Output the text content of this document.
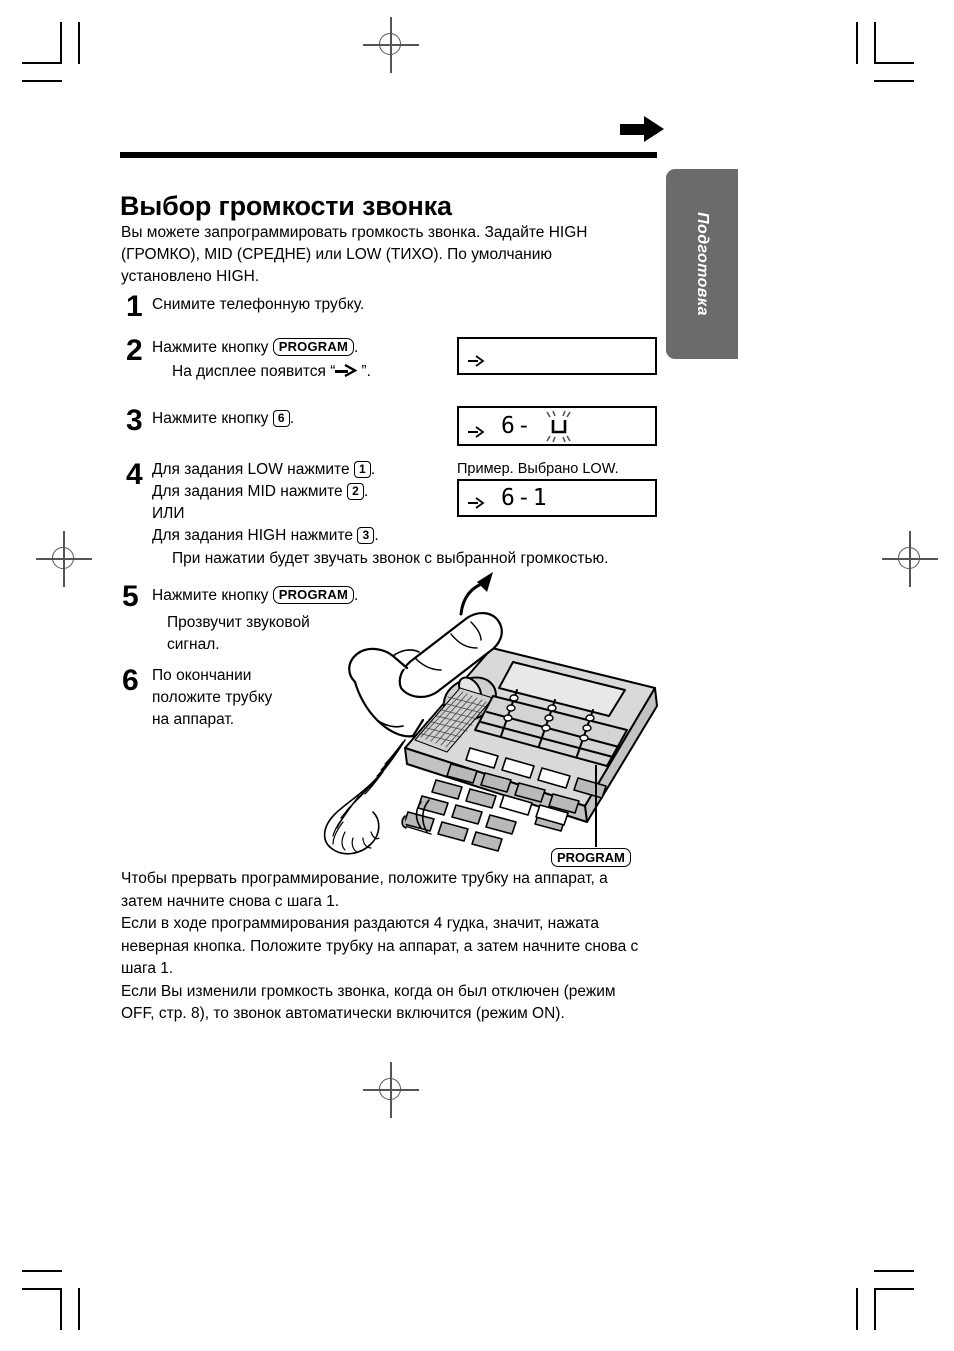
Подготовка
Выбор громкости звонка
Вы можете запрограммировать громкость звонка. Задайте HIGH (ГРОМКО), MID (СРЕДНЕ) или LOW (ТИХО). По умолчанию установлено HIGH.
1 Снимите телефонную трубку.
2 Нажмите кнопку PROGRAM .
На дисплее появится “ ”.
3 Нажмите кнопку 6 .
4 Для задания LOW нажмите 1 .
Для задания MID нажмите 2 .
ИЛИ
Для задания HIGH нажмите 3 .
При нажатии будет звучать звонок с выбранной громкостью.
5 Нажмите кнопку PROGRAM .
Прозвучит звуковой сигнал.
6 По окончании положите трубку на аппарат.
6-
Пример. Выбрано LOW.
6-1
PROGRAM

Чтобы прервать программирование, положите трубку на аппарат, а затем начните снова с шага 1.

Если в ходе программирования раздаются 4 гудка, значит, нажата неверная кнопка. Положите трубку на аппарат, а затем начните снова с шага 1.

Если Вы изменили громкость звонка, когда он был отключен (режим OFF, стр. 8), то звонок автоматически включится (режим ON).
